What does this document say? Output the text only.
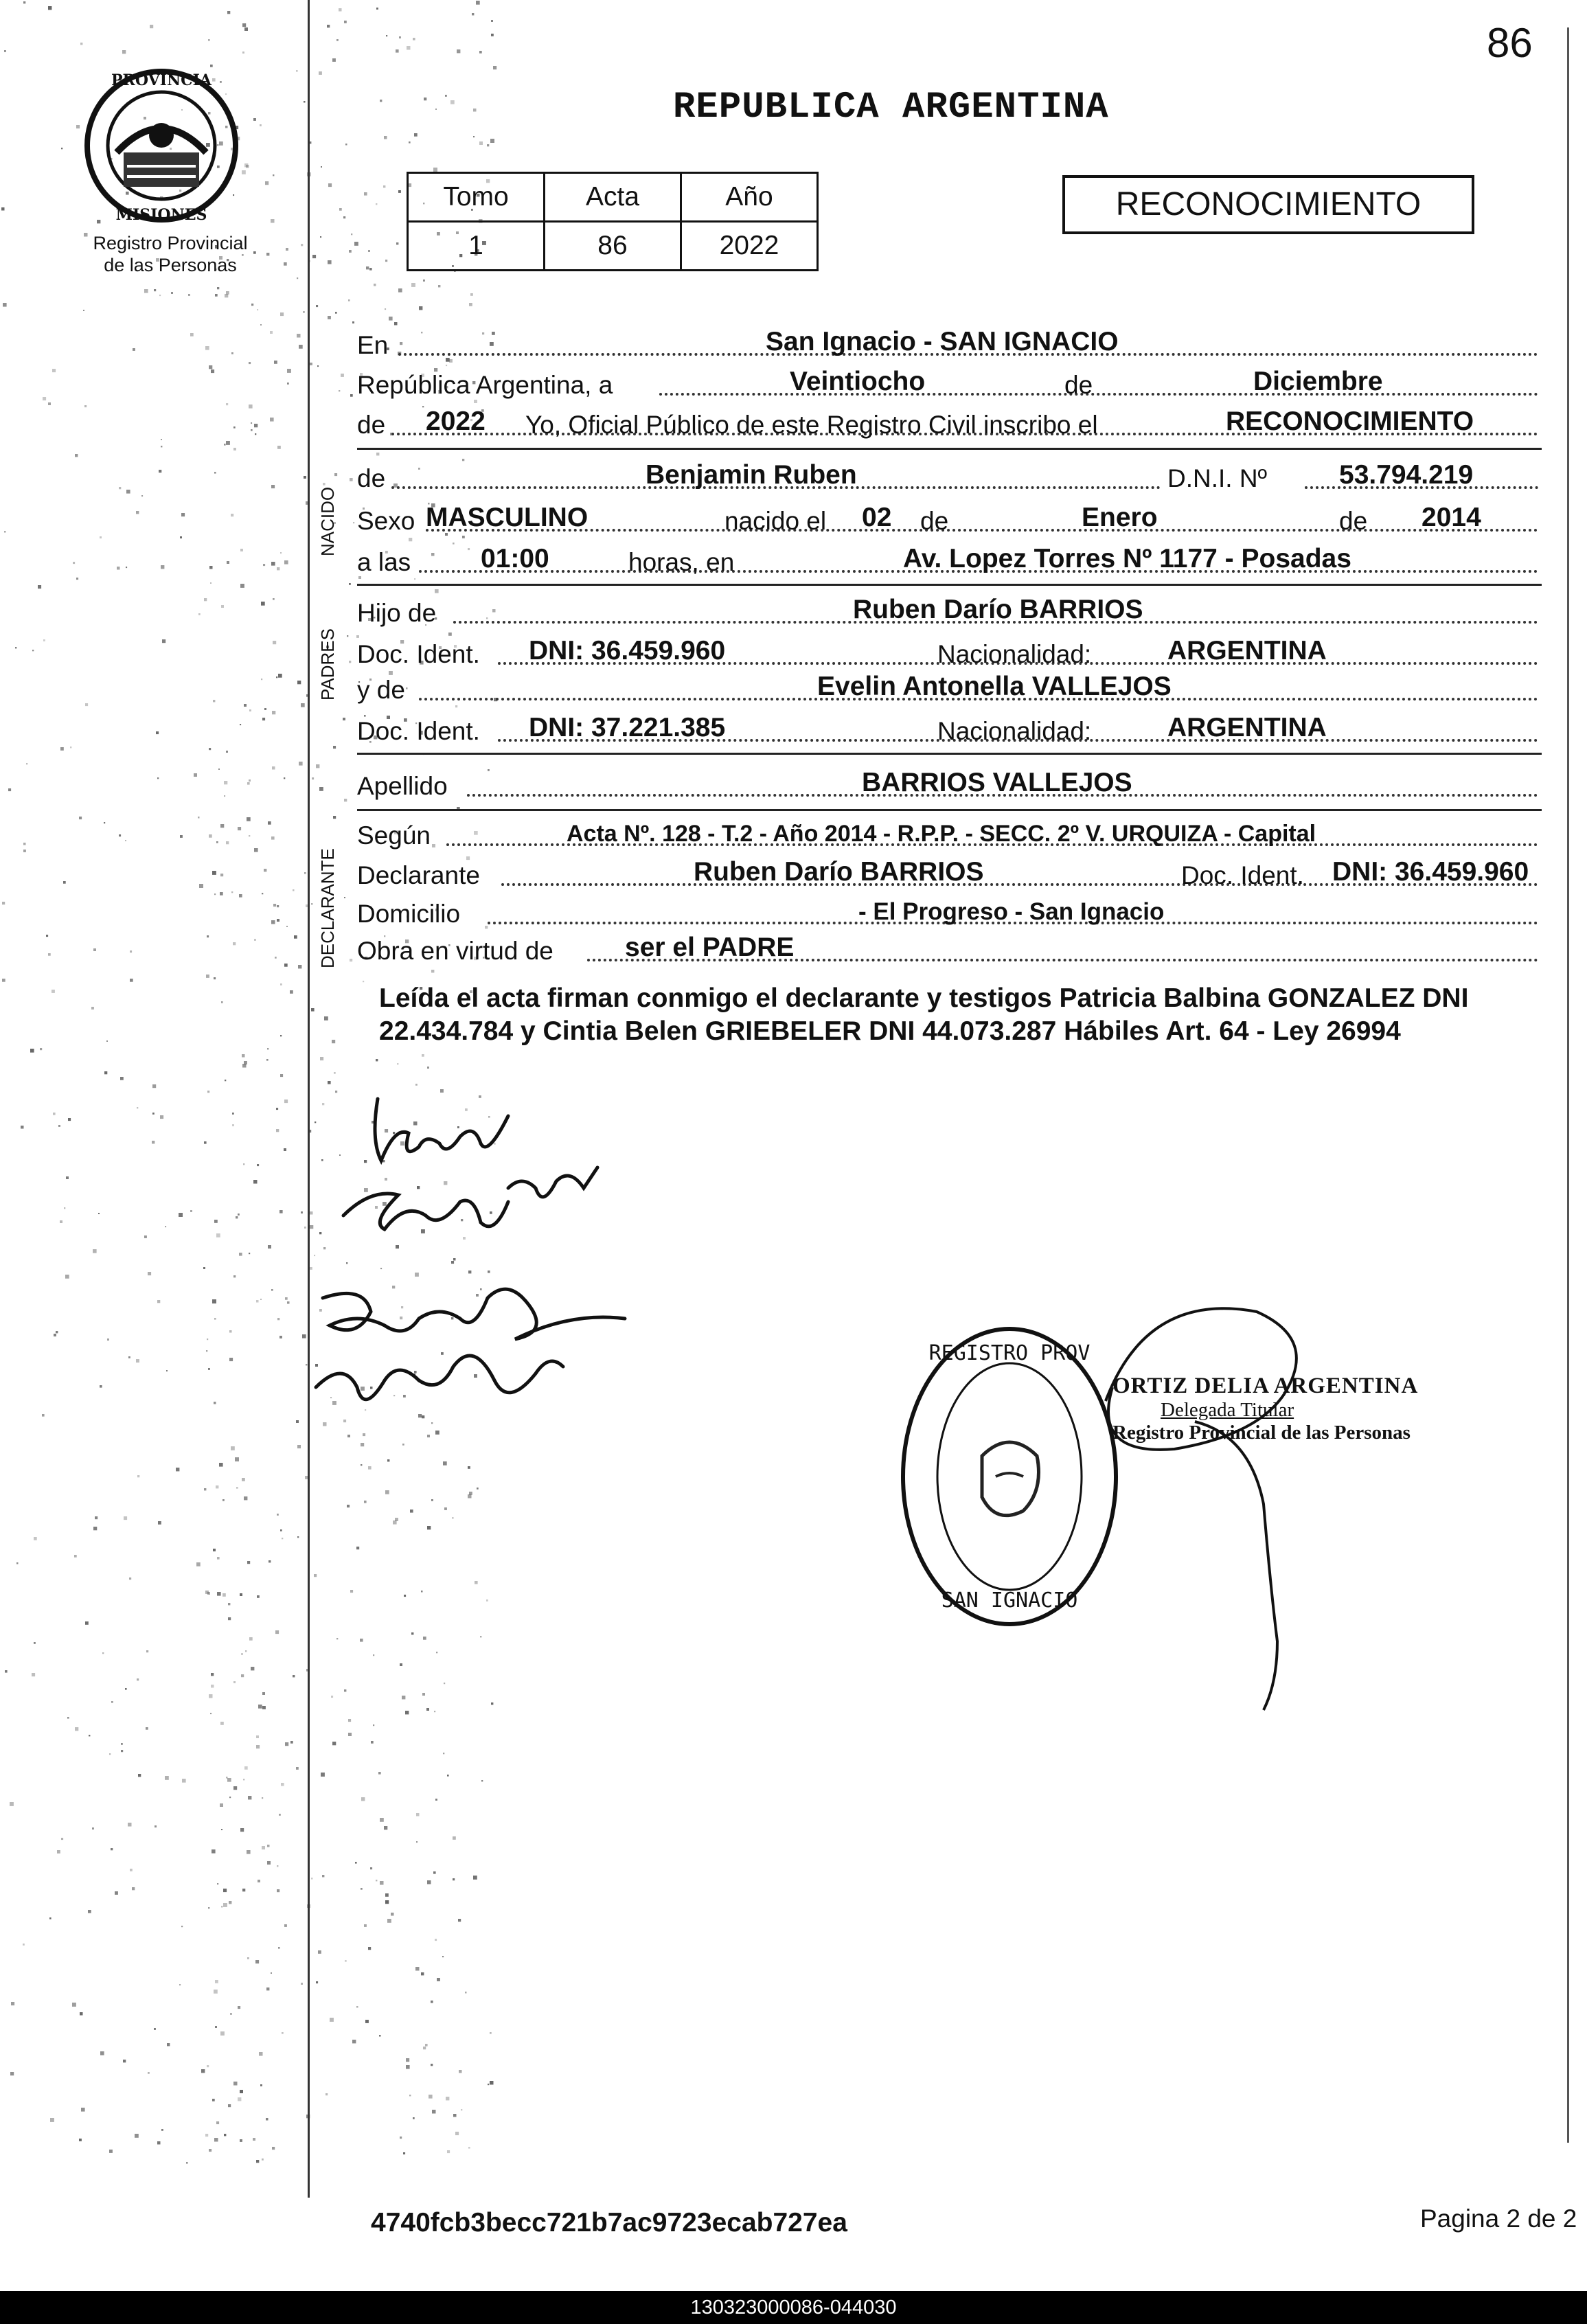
86
PROVINCIA
MISIONES
Registro Provincial
de las Personas
REPUBLICA ARGENTINA
Tomo	Acta	Año
1	86	2022
RECONOCIMIENTO
En	San Ignacio - SAN IGNACIO
República Argentina, a	Veintiocho	de	Diciembre
de 2022 Yo, Oficial Público de este Registro Civil inscribo el	RECONOCIMIENTO
NACIDO
de	Benjamin Ruben	D.N.I. Nº	53.794.219
Sexo MASCULINO	nacido el 02 de	Enero	de 2014
a las	01:00	horas, en	Av. Lopez Torres Nº 1177 - Posadas
PADRES
Hijo de	Ruben Darío BARRIOS
Doc. Ident. DNI: 36.459.960	Nacionalidad:	ARGENTINA
y de	Evelin Antonella VALLEJOS
Doc. Ident. DNI: 37.221.385	Nacionalidad:	ARGENTINA
Apellido	BARRIOS VALLEJOS
DECLARANTE
Según	Acta Nº. 128 - T.2 - Año 2014 - R.P.P. - SECC. 2º V. URQUIZA - Capital
Declarante	Ruben Darío BARRIOS	Doc. Ident. DNI: 36.459.960
Domicilio	- El Progreso - San Ignacio
Obra en virtud de	ser el PADRE
Leída el acta firman conmigo el declarante y testigos Patricia Balbina GONZALEZ DNI 22.434.784 y Cintia Belen GRIEBELER DNI 44.073.287 Hábiles Art. 64 - Ley 26994
REGISTRO PROV
SAN IGNACIO
ORTIZ DELIA ARGENTINA
Delegada Titular
Registro Provincial de las Personas
4740fcb3becc721b7ac9723ecab727ea	Pagina 2 de 2
130323000086-044030
